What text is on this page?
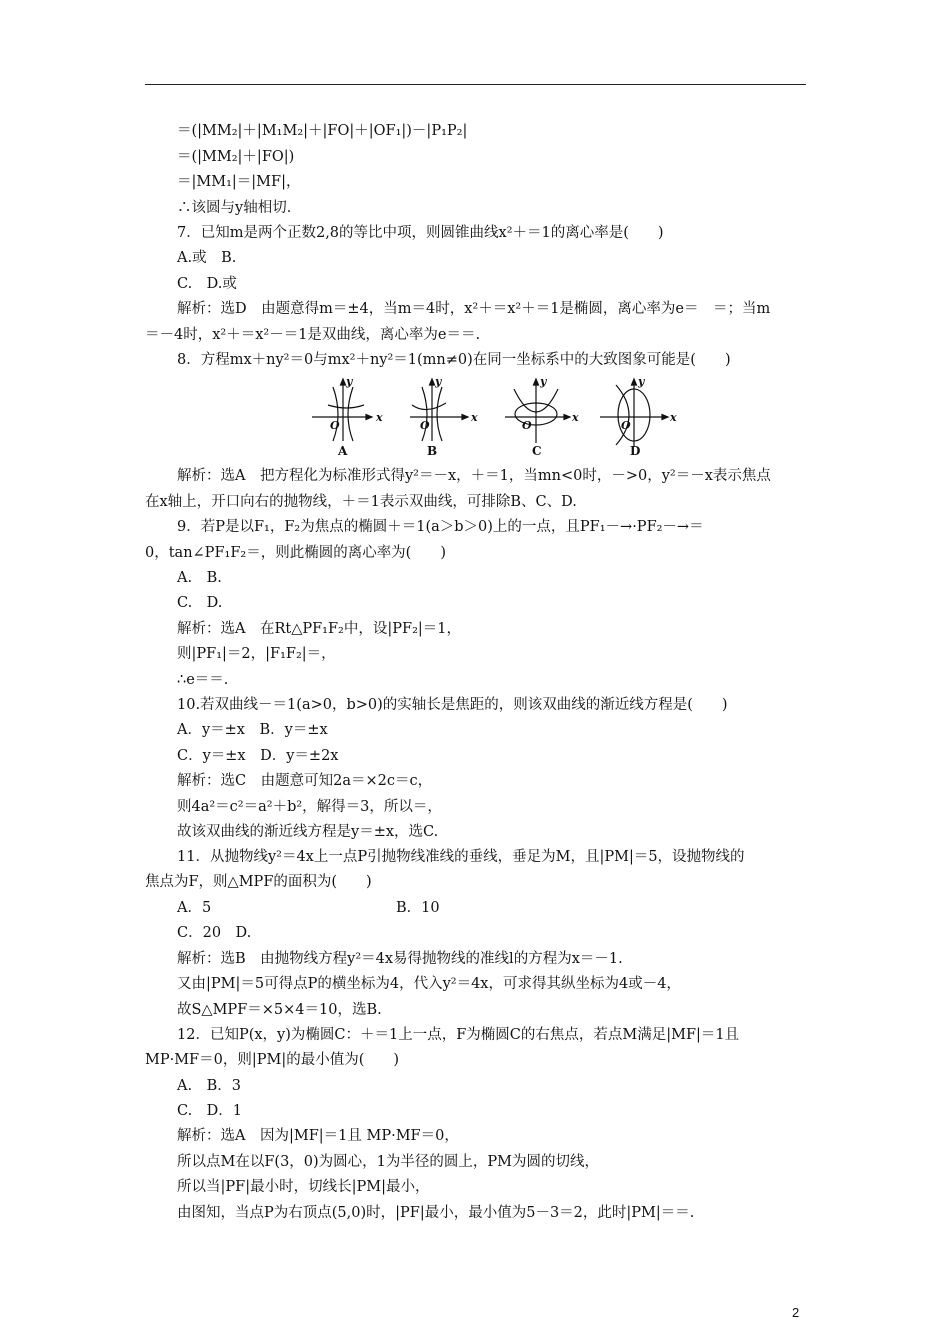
＝(|MM₂|＋|M₁M₂|＋|FO|＋|OF₁|)－|P₁P₂|
＝(|MM₂|＋|FO|)
＝|MM₁|＝|MF|，
∴该圆与y轴相切．
7．已知m是两个正数2,8的等比中项，则圆锥曲线x²＋＝1的离心率是(　　)
A.或　B.
C.　D.或
解析：选D　由题意得m＝±4，当m＝4时，x²＋＝x²＋＝1是椭圆，离心率为e＝　＝；当m
＝－4时，x²＋＝x²－＝1是双曲线，离心率为e＝＝.
8．方程mx＋ny²＝0与mx²＋ny²＝1(mn≠0)在同一坐标系中的大致图象可能是(　　)
y
x
O
y
x
O
y
x
O
y
x
O
A	B	C	D
解析：选A　把方程化为标准形式得y²＝－x，＋＝1，当mn<0时，－>0，y²＝－x表示焦点
在x轴上，开口向右的抛物线，＋＝1表示双曲线，可排除B、C、D.
9．若P是以F₁，F₂为焦点的椭圆＋＝1(a＞b＞0)上的一点，且PF₁－→·PF₂－→＝
0，tan∠PF₁F₂＝，则此椭圆的离心率为(　　)
A.　B.
C.　D.
解析：选A　在Rt△PF₁F₂中，设|PF₂|＝1，
则|PF₁|＝2，|F₁F₂|＝，
∴e＝＝.
10.若双曲线－＝1(a>0，b>0)的实轴长是焦距的，则该双曲线的渐近线方程是(　　)
A．y＝±x　B．y＝±x
C．y＝±x　D．y＝±2x
解析：选C　由题意可知2a＝×2c＝c，
则4a²＝c²＝a²＋b²，解得＝3，所以＝，
故该双曲线的渐近线方程是y＝±x，选C.
11．从抛物线y²＝4x上一点P引抛物线准线的垂线，垂足为M，且|PM|＝5，设抛物线的
焦点为F，则△MPF的面积为(　　)
A．5	B．10
C．20　D.
解析：选B　由抛物线方程y²＝4x易得抛物线的准线l的方程为x＝－1.
又由|PM|＝5可得点P的横坐标为4，代入y²＝4x，可求得其纵坐标为4或－4，
故S△MPF＝×5×4＝10，选B.
12．已知P(x，y)为椭圆C：＋＝1上一点，F为椭圆C的右焦点，若点M满足|MF|＝1且
MP·MF＝0，则|PM|的最小值为(　　)
A.　B．3
C.　D．1
解析：选A　因为|MF|＝1且 MP·MF＝0，
所以点M在以F(3，0)为圆心，1为半径的圆上，PM为圆的切线，
所以当|PF|最小时，切线长|PM|最小，
由图知，当点P为右顶点(5,0)时，|PF|最小，最小值为5－3＝2，此时|PM|＝＝.
2
